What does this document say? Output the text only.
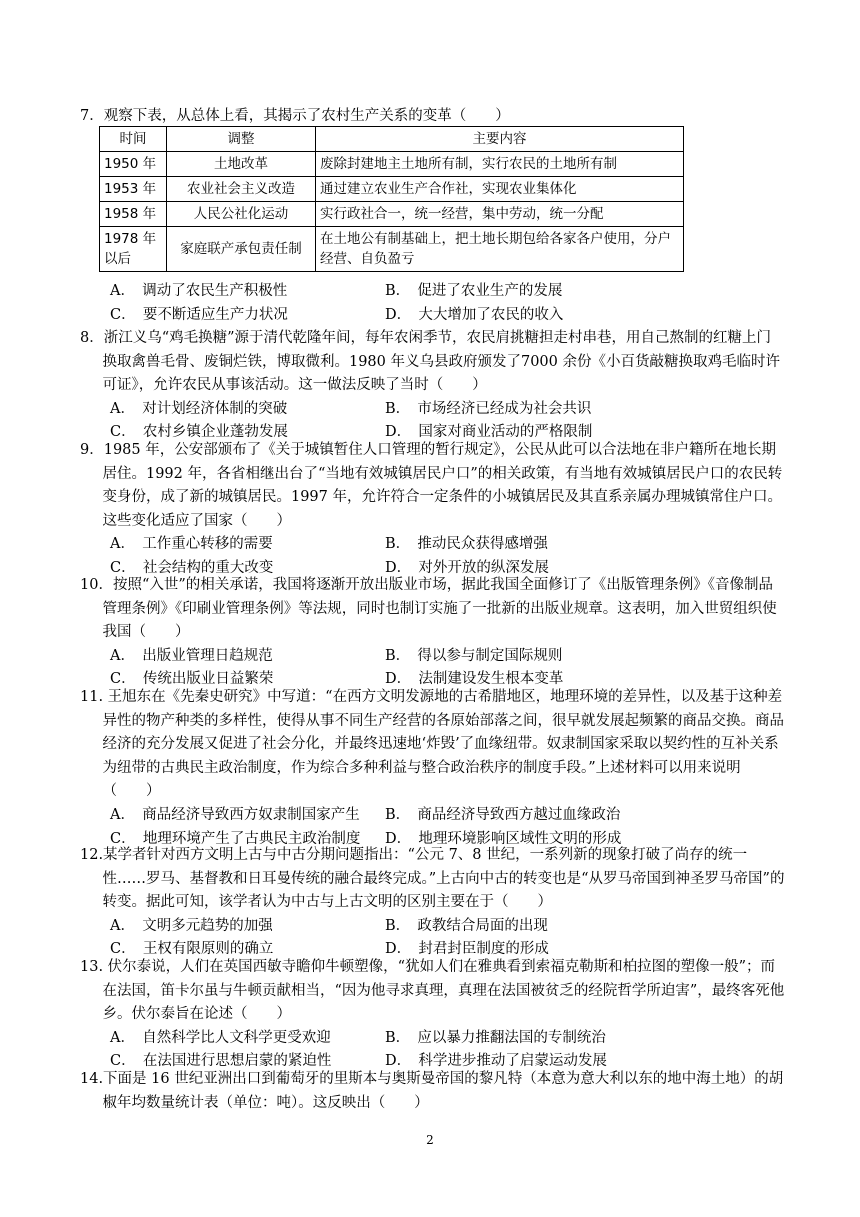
7．观察下表，从总体上看，其揭示了农村生产关系的变革（　　）
时间	调整	主要内容
1950 年	土地改革	废除封建地主土地所有制，实行农民的土地所有制
1953 年	农业社会主义改造	通过建立农业生产合作社，实现农业集体化
1958 年	人民公社化运动	实行政社合一，统一经营，集中劳动，统一分配
1978 年以后	家庭联产承包责任制	在土地公有制基础上，把土地长期包给各家各户使用，分户经营、自负盈亏
A．　调动了农民生产积极性	B．　促进了农业生产的发展
C．　要不断适应生产力状况	D．　大大增加了农民的收入
8．浙江义乌“鸡毛换糖”源于清代乾隆年间，每年农闲季节，农民肩挑糖担走村串巷，用自己熬制的红糖上门换取禽兽毛骨、废铜烂铁，博取微利。1980 年义乌县政府颁发了7000 余份《小百货敲糖换取鸡毛临时许可证》，允许农民从事该活动。这一做法反映了当时（　　）
A．　对计划经济体制的突破	B．　市场经济已经成为社会共识
C．　农村乡镇企业蓬勃发展	D．　国家对商业活动的严格限制
9．1985 年，公安部颁布了《关于城镇暂住人口管理的暂行规定》，公民从此可以合法地在非户籍所在地长期居住。1992 年，各省相继出台了“当地有效城镇居民户口”的相关政策，有当地有效城镇居民户口的农民转变身份，成了新的城镇居民。1997 年，允许符合一定条件的小城镇居民及其直系亲属办理城镇常住户口。这些变化适应了国家（　　）
A．　工作重心转移的需要	B．　推动民众获得感增强
C．　社会结构的重大改变	D．　对外开放的纵深发展
10．按照“入世”的相关承诺，我国将逐渐开放出版业市场，据此我国全面修订了《出版管理条例》《音像制品管理条例》《印刷业管理条例》等法规，同时也制订实施了一批新的出版业规章。这表明，加入世贸组织使我国（　　）
A．　出版业管理日趋规范	B．　得以参与制定国际规则
C．　传统出版业日益繁荣	D．　法制建设发生根本变革
11. 王旭东在《先秦史研究》中写道：“在西方文明发源地的古希腊地区，地理环境的差异性，以及基于这种差异性的物产种类的多样性，使得从事不同生产经营的各原始部落之间，很早就发展起频繁的商品交换。商品经济的充分发展又促进了社会分化，并最终迅速地‘炸毁’了血缘纽带。奴隶制国家采取以契约性的互补关系为纽带的古典民主政治制度，作为综合多种利益与整合政治秩序的制度手段。”上述材料可以用来说明（　　）
A．　商品经济导致西方奴隶制国家产生	B．　商品经济导致西方越过血缘政治
C．　地理环境产生了古典民主政治制度	D．　地理环境影响区域性文明的形成
12.某学者针对西方文明上古与中古分期问题指出：“公元 7、8 世纪，一系列新的现象打破了尚存的统一性……罗马、基督教和日耳曼传统的融合最终完成。”上古向中古的转变也是“从罗马帝国到神圣罗马帝国”的转变。据此可知，该学者认为中古与上古文明的区别主要在于（　　）
A．　文明多元趋势的加强	B．　政教结合局面的出现
C．　王权有限原则的确立	D．　封君封臣制度的形成
13. 伏尔泰说，人们在英国西敏寺瞻仰牛顿塑像，“犹如人们在雅典看到索福克勒斯和柏拉图的塑像一般”；而在法国，笛卡尔虽与牛顿贡献相当，“因为他寻求真理，真理在法国被贫乏的经院哲学所迫害”，最终客死他乡。伏尔泰旨在论述（　　）
A．　自然科学比人文科学更受欢迎	B．　应以暴力推翻法国的专制统治
C．　在法国进行思想启蒙的紧迫性	D．　科学进步推动了启蒙运动发展
14.下面是 16 世纪亚洲出口到葡萄牙的里斯本与奥斯曼帝国的黎凡特（本意为意大利以东的地中海土地）的胡椒年均数量统计表（单位：吨）。这反映出（　　）
2
